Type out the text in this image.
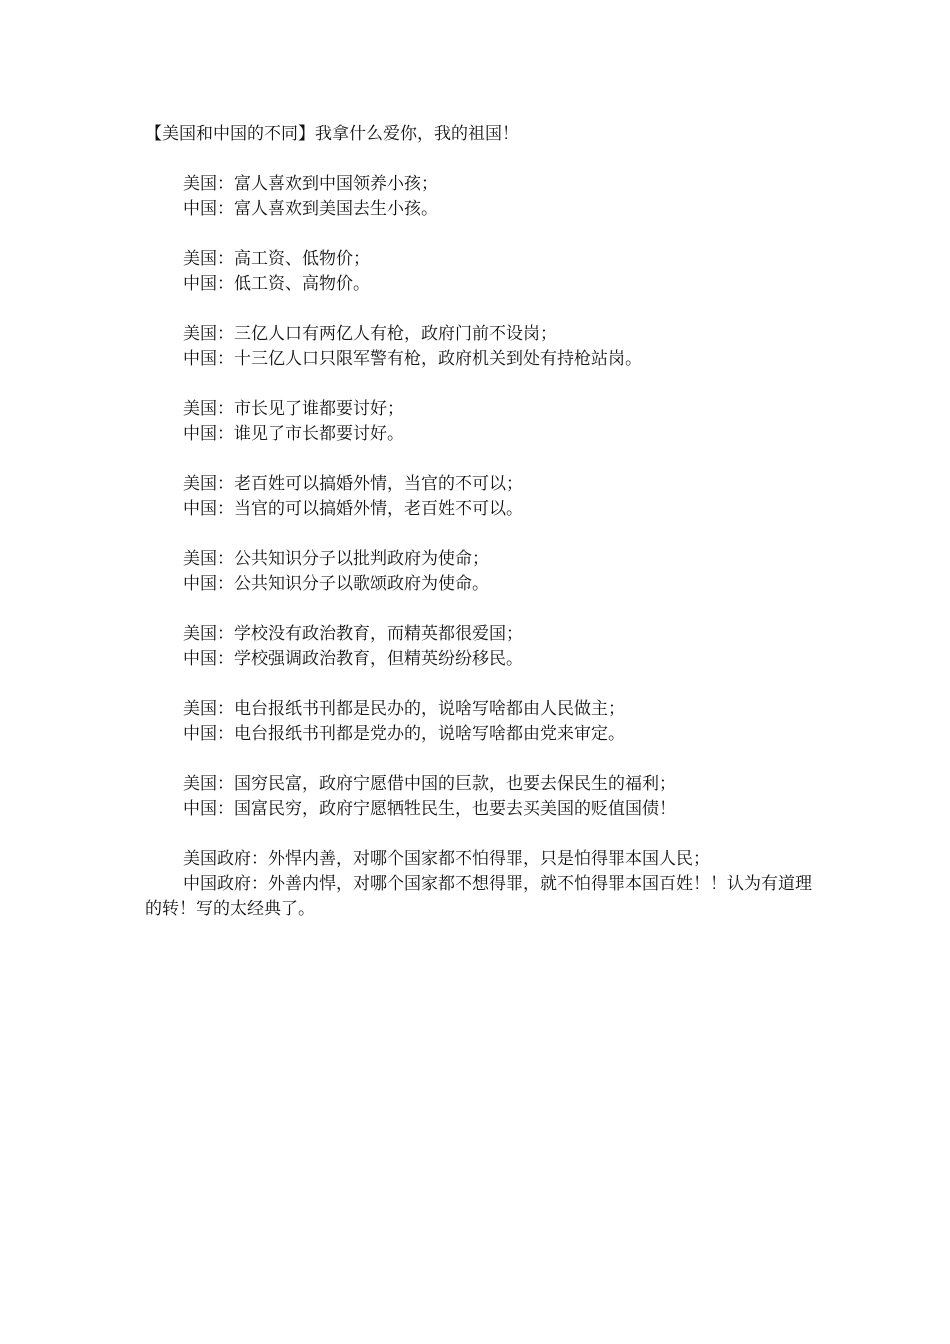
【美国和中国的不同】我拿什么爱你，我的祖国！

美国：富人喜欢到中国领养小孩；

中国：富人喜欢到美国去生小孩。

美国：高工资、低物价；

中国：低工资、高物价。

美国：三亿人口有两亿人有枪，政府门前不设岗；

中国：十三亿人口只限军警有枪，政府机关到处有持枪站岗。

美国：市长见了谁都要讨好；

中国：谁见了市长都要讨好。

美国：老百姓可以搞婚外情，当官的不可以；

中国：当官的可以搞婚外情，老百姓不可以。

美国：公共知识分子以批判政府为使命；

中国：公共知识分子以歌颂政府为使命。

美国：学校没有政治教育，而精英都很爱国；

中国：学校强调政治教育，但精英纷纷移民。

美国：电台报纸书刊都是民办的，说啥写啥都由人民做主；

中国：电台报纸书刊都是党办的，说啥写啥都由党来审定。

美国：国穷民富，政府宁愿借中国的巨款，也要去保民生的福利；

中国：国富民穷，政府宁愿牺牲民生，也要去买美国的贬值国债！

美国政府：外悍内善，对哪个国家都不怕得罪，只是怕得罪本国人民；

中国政府：外善内悍，对哪个国家都不想得罪，就不怕得罪本国百姓！！认为有道理的转！写的太经典了。
